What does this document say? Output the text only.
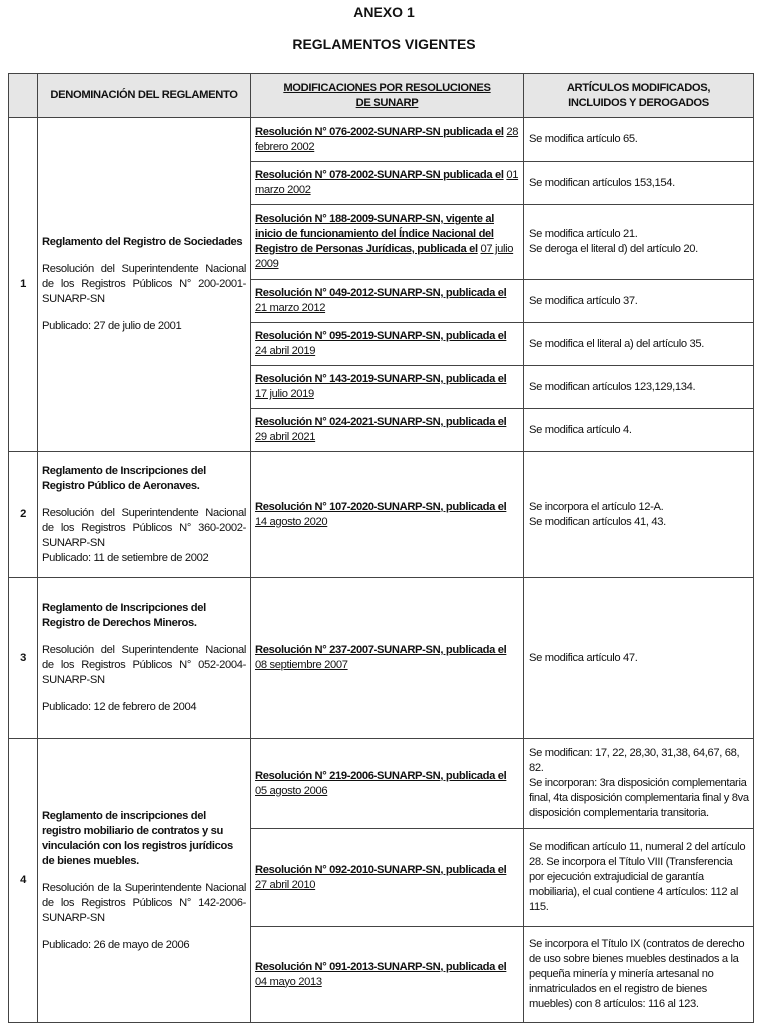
ANEXO 1
REGLAMENTOS VIGENTES
	DENOMINACIÓN DEL REGLAMENTO	MODIFICACIONES POR RESOLUCIONES
DE SUNARP	ARTÍCULOS MODIFICADOS,
INCLUIDOS Y DEROGADOS
1	Reglamento del Registro de Sociedades
Resolución del Superintendente Nacional de los Registros Públicos N° 200-2001-SUNARP-SN
Publicado: 27 de julio de 2001	Resolución N° 076-2002-SUNARP-SN publicada el 28 febrero 2002	Se modifica artículo 65.
		Resolución N° 078-2002-SUNARP-SN publicada el 01 marzo 2002	Se modifican artículos 153,154.
		Resolución N° 188-2009-SUNARP-SN, vigente al inicio de funcionamiento del Índice Nacional del Registro de Personas Jurídicas, publicada el 07 julio 2009	Se modifica artículo 21.
Se deroga el literal d) del artículo 20.
		Resolución N° 049-2012-SUNARP-SN, publicada el 21 marzo 2012	Se modifica artículo 37.
		Resolución N° 095-2019-SUNARP-SN, publicada el 24 abril 2019	Se modifica el literal a) del artículo 35.
		Resolución N° 143-2019-SUNARP-SN, publicada el 17 julio 2019	Se modifican artículos 123,129,134.
		Resolución N° 024-2021-SUNARP-SN, publicada el 29 abril 2021	Se modifica artículo 4.
2	Reglamento de Inscripciones del Registro Público de Aeronaves.
Resolución del Superintendente Nacional de los Registros Públicos N° 360-2002-SUNARP-SN
Publicado: 11 de setiembre de 2002	Resolución N° 107-2020-SUNARP-SN, publicada el 14 agosto 2020	Se incorpora el artículo 12-A.
Se modifican artículos 41, 43.
3	Reglamento de Inscripciones del Registro de Derechos Mineros.
Resolución del Superintendente Nacional de los Registros Públicos N° 052-2004-SUNARP-SN
Publicado: 12 de febrero de 2004	Resolución N° 237-2007-SUNARP-SN, publicada el 08 septiembre 2007	Se modifica artículo 47.
4	Reglamento de inscripciones del registro mobiliario de contratos y su vinculación con los registros jurídicos de bienes muebles.
Resolución de la Superintendente Nacional de los Registros Públicos N° 142-2006-SUNARP-SN
Publicado: 26 de mayo de 2006	Resolución N° 219-2006-SUNARP-SN, publicada el 05 agosto 2006	Se modifican: 17, 22, 28,30, 31,38, 64,67, 68, 82.
Se incorporan: 3ra disposición complementaria final, 4ta disposición complementaria final y 8va disposición complementaria transitoria.
		Resolución N° 092-2010-SUNARP-SN, publicada el 27 abril 2010	Se modifican artículo 11, numeral 2 del artículo 28. Se incorpora el Título VIII (Transferencia por ejecución extrajudicial de garantía mobiliaria), el cual contiene 4 artículos: 112 al 115.
		Resolución N° 091-2013-SUNARP-SN, publicada el 04 mayo 2013	Se incorpora el Título IX (contratos de derecho de uso sobre bienes muebles destinados a la pequeña minería y minería artesanal no inmatriculados en el registro de bienes muebles) con 8 artículos: 116 al 123.
